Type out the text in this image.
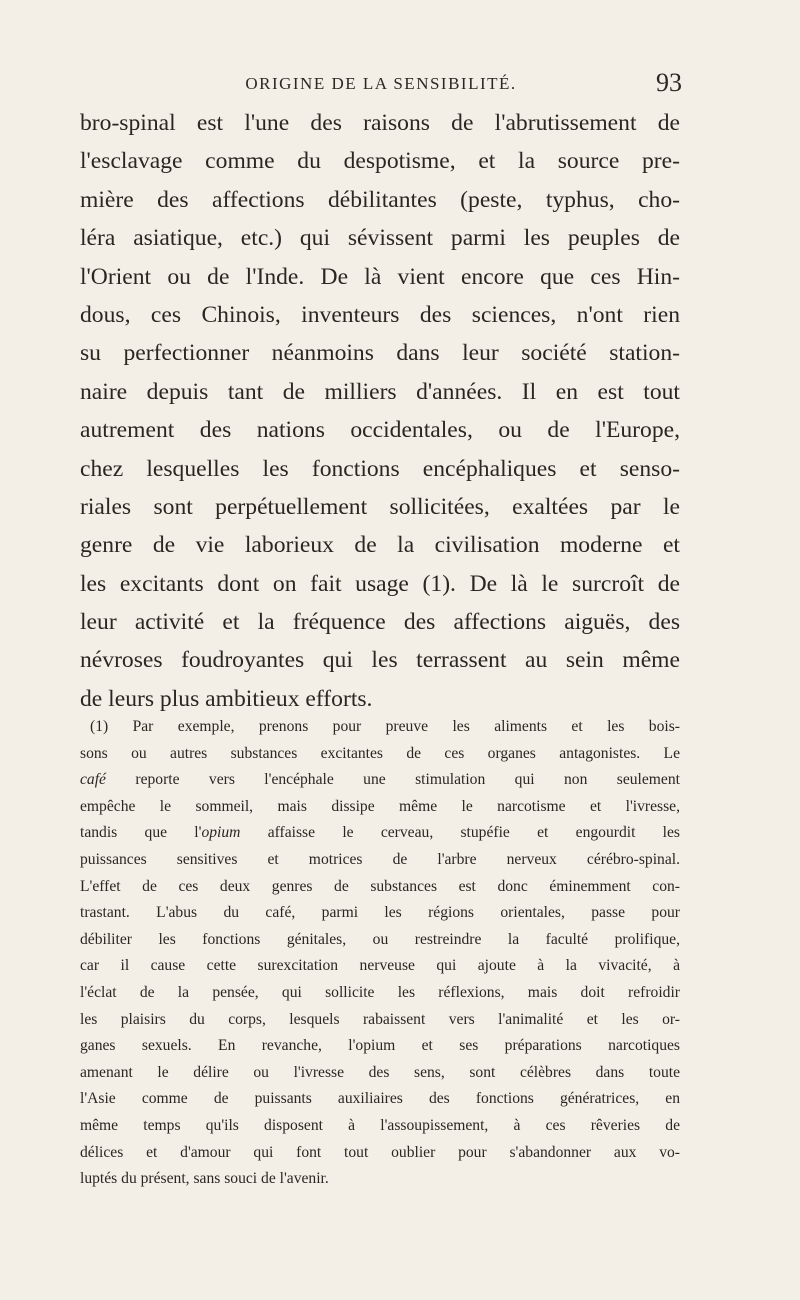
ORIGINE DE LA SENSIBILITÉ.	93
bro-spinal est l'une des raisons de l'abrutissement de
l'esclavage comme du despotisme, et la source pre-
mière des affections débilitantes (peste, typhus, cho-
léra asiatique, etc.) qui sévissent parmi les peuples de
l'Orient ou de l'Inde. De là vient encore que ces Hin-
dous, ces Chinois, inventeurs des sciences, n'ont rien
su perfectionner néanmoins dans leur société station-
naire depuis tant de milliers d'années. Il en est tout
autrement des nations occidentales, ou de l'Europe,
chez lesquelles les fonctions encéphaliques et senso-
riales sont perpétuellement sollicitées, exaltées par le
genre de vie laborieux de la civilisation moderne et
les excitants dont on fait usage (1). De là le surcroît de
leur activité et la fréquence des affections aiguës, des
névroses foudroyantes qui les terrassent au sein même
de leurs plus ambitieux efforts.
(1) Par exemple, prenons pour preuve les aliments et les bois-
sons ou autres substances excitantes de ces organes antagonistes. Le
café reporte vers l'encéphale une stimulation qui non seulement
empêche le sommeil, mais dissipe même le narcotisme et l'ivresse,
tandis que l'opium affaisse le cerveau, stupéfie et engourdit les
puissances sensitives et motrices de l'arbre nerveux cérébro-spinal.
L'effet de ces deux genres de substances est donc éminemment con-
trastant. L'abus du café, parmi les régions orientales, passe pour
débiliter les fonctions génitales, ou restreindre la faculté prolifique,
car il cause cette surexcitation nerveuse qui ajoute à la vivacité, à
l'éclat de la pensée, qui sollicite les réflexions, mais doit refroidir
les plaisirs du corps, lesquels rabaissent vers l'animalité et les or-
ganes sexuels. En revanche, l'opium et ses préparations narcotiques
amenant le délire ou l'ivresse des sens, sont célèbres dans toute
l'Asie comme de puissants auxiliaires des fonctions génératrices, en
même temps qu'ils disposent à l'assoupissement, à ces rêveries de
délices et d'amour qui font tout oublier pour s'abandonner aux vo-
luptés du présent, sans souci de l'avenir.
